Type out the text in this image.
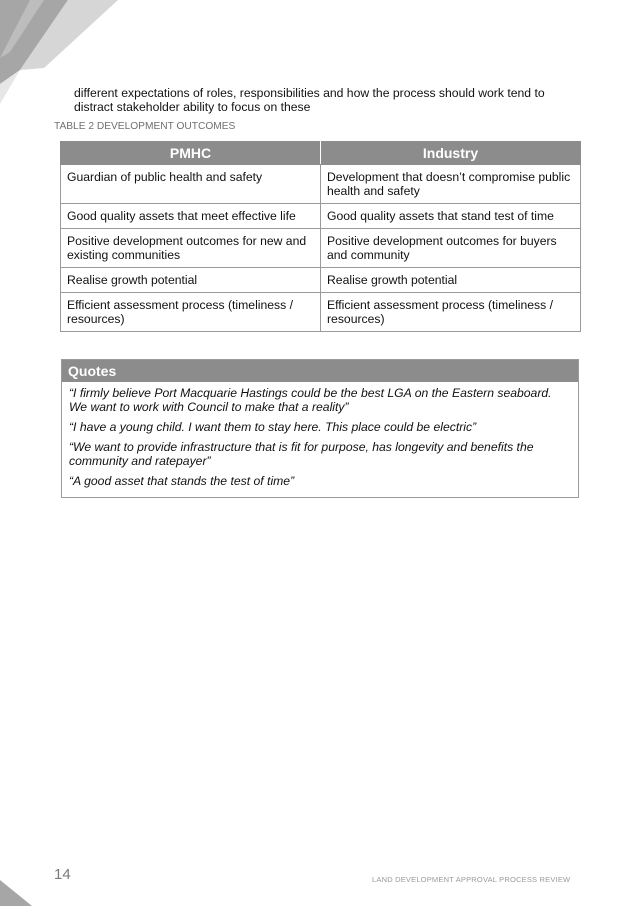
different expectations of roles, responsibilities and how the process should work tend to distract stakeholder ability to focus on these

TABLE 2 DEVELOPMENT OUTCOMES
PMHC	Industry
Guardian of public health and safety	Development that doesn’t compromise public health and safety
Good quality assets that meet effective life	Good quality assets that stand test of time
Positive development outcomes for new and existing communities	Positive development outcomes for buyers and community
Realise growth potential	Realise growth potential
Efficient assessment process (timeliness / resources)	Efficient assessment process (timeliness / resources)
Quotes

“I firmly believe Port Macquarie Hastings could be the best LGA on the Eastern seaboard. We want to work with Council to make that a reality”

“I have a young child. I want them to stay here. This place could be electric”

“We want to provide infrastructure that is fit for purpose, has longevity and benefits the community and ratepayer”

“A good asset that stands the test of time”

14	LAND DEVELOPMENT APPROVAL PROCESS REVIEW
